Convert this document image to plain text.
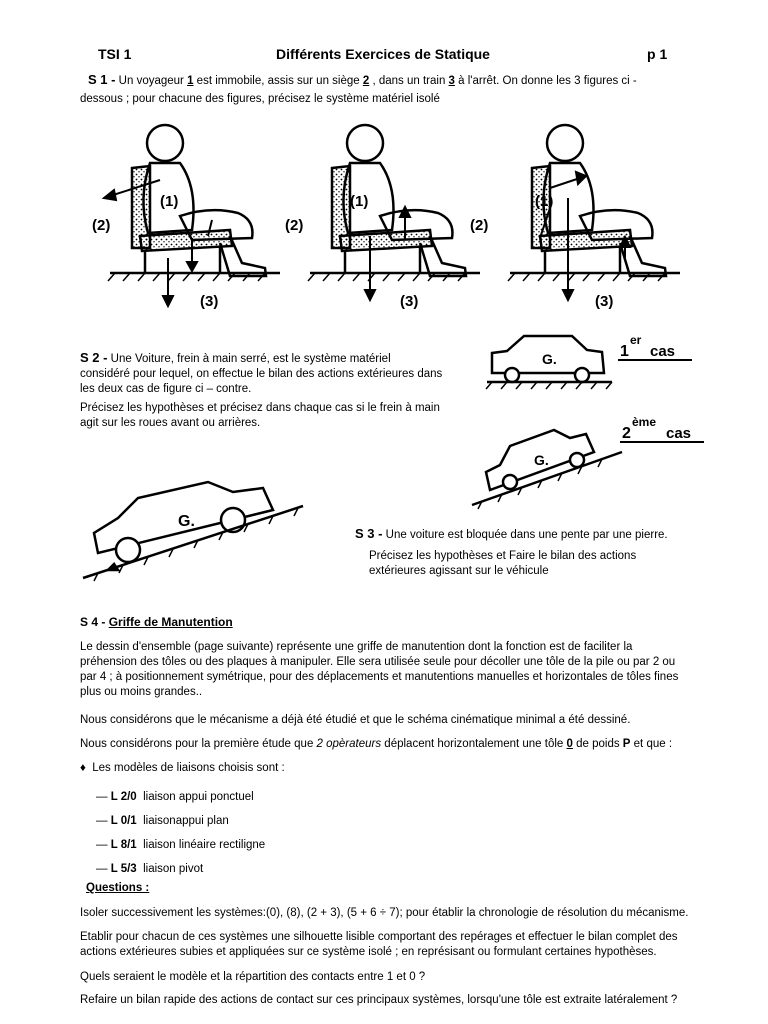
TSI 1	Différents Exercices de Statique	p 1
S 1 - Un voyageur 1 est immobile, assis sur un siège 2 , dans un train 3 à l'arrêt. On donne les 3 figures ci -
dessous ; pour chacune des figures, précisez le système matériel isolé
(1)
(2)
(3)
(1)
(2)
(3)
(1)
(2)
(3)
S 2 - Une Voiture, frein à main serré, est le système matériel
considéré pour lequel, on effectue le bilan des actions extérieures dans
les deux cas de figure ci – contre.
Précisez les hypothèses et précisez dans chaque cas si le frein à main
agit sur les roues avant ou arrières.
G.	1
er
cas
G.
2
ème
cas
G.
S 3 - Une voiture est bloquée dans une pente par une pierre.
Précisez les hypothèses et Faire le bilan des actions
extérieures agissant sur le véhicule
S 4 - Griffe de Manutention
Le dessin d'ensemble (page suivante) représente une griffe de manutention dont la fonction est de faciliter la
préhension des tôles ou des plaques à manipuler. Elle sera utilisée seule pour décoller une tôle de la pile ou par 2 ou
par 4 ; à positionnement symétrique, pour des déplacements et manutentions manuelles et horizontales de tôles fines
plus ou moins grandes..
Nous considérons que le mécanisme a déjà été étudié et que le schéma cinématique minimal a été dessiné.
Nous considérons pour la première étude que 2 opèrateurs déplacent horizontalement une tôle 0 de poids P et que :
♦ Les modèles de liaisons choisis sont :
— L 2/0 liaison appui ponctuel
— L 0/1 liaisonappui plan
— L 8/1 liaison linéaire rectiligne
— L 5/3 liaison pivot
Questions :
Isoler successivement les systèmes:(0), (8), (2 + 3), (5 + 6 ÷ 7); pour établir la chronologie de résolution du mécanisme.
Etablir pour chacun de ces systèmes une silhouette lisible comportant des repérages et effectuer le bilan complet des
actions extérieures subies et appliquées sur ce système isolé ; en représisant ou formulant certaines hypothèses.
Quels seraient le modèle et la répartition des contacts entre 1 et 0 ?
Refaire un bilan rapide des actions de contact sur ces principaux systèmes, lorsqu'une tôle est extraite latéralement ?
